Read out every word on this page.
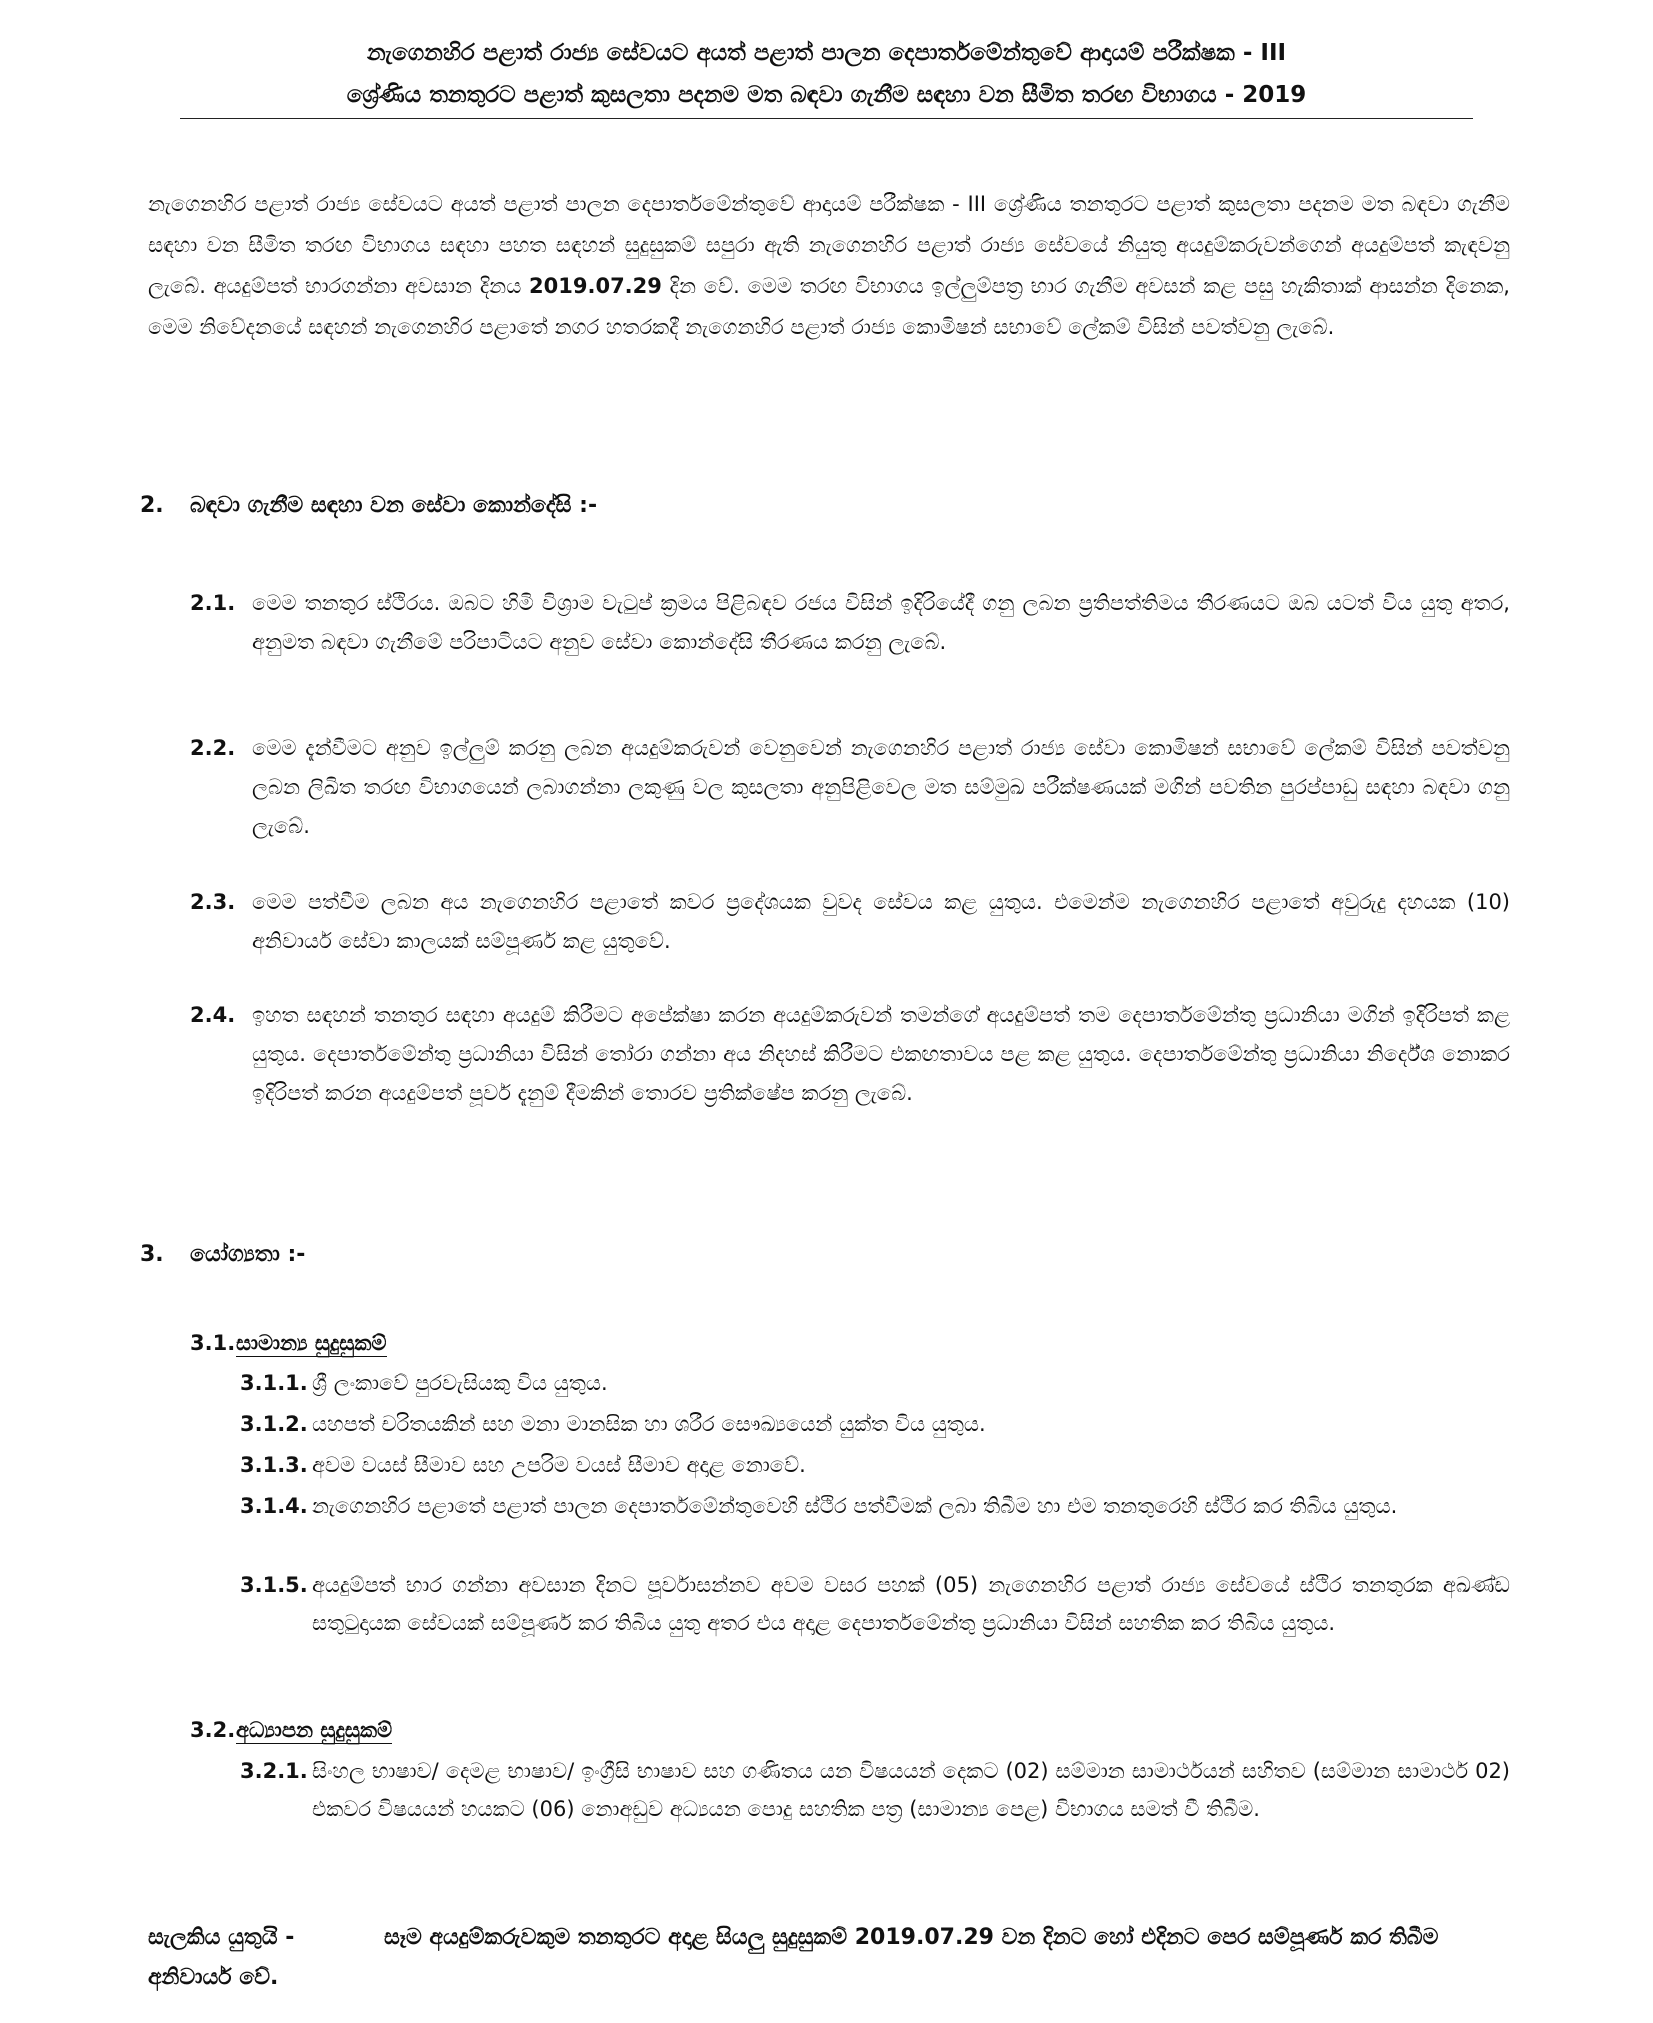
නැගෙනහිර පළාත් රාජ්‍ය සේවයට අයත් පළාත් පාලන දෙපාර්තමේන්තුවේ ආදායම් පරීක්ෂක - III
ශ්‍රේණිය තනතුරට පළාත් කුසලතා පදනම මත බඳවා ගැනීම සඳහා වන සීමිත තරඟ විභාගය - 2019
නැගෙනහිර පළාත් රාජ්‍ය සේවයට අයත් පළාත් පාලන දෙපාර්තමේන්තුවේ ආදායම් පරීක්ෂක - III ශ්‍රේණිය තනතුරට පළාත් කුසලතා පදනම මත බඳවා ගැනීම සඳහා වන සීමිත තරඟ විභාගය සඳහා පහත සඳහන් සුදුසුකම් සපුරා ඇති නැගෙනහිර පළාත් රාජ්‍ය සේවයේ නියුතු අයදුම්කරුවන්ගෙන් අයදුම්පත් කැඳවනු ලැබේ. අයදුම්පත් භාරගන්නා අවසාන දිනය 2019.07.29 දින වේ. මෙම තරඟ විභාගය ඉල්ලුම්පත්‍ර භාර ගැනීම අවසන් කළ පසු හැකිතාක් ආසන්න දිනෙක, මෙම නිවේදනයේ සඳහන් නැගෙනහිර පළාතේ නගර හතරකදී නැගෙනහිර පළාත් රාජ්‍ය කොමිෂන් සභාවේ ලේකම් විසින් පවත්වනු ලැබේ.
2. බඳවා ගැනීම සඳහා වන සේවා කොන්දේසි :-
2.1. මෙම තනතුර ස්ථිරය. ඔබට හිමි විශ්‍රාම වැටුප් ක්‍රමය පිළිබඳව රජය විසින් ඉදිරියේදී ගනු ලබන ප්‍රතිපත්තිමය තීරණයට ඔබ යටත් විය යුතු අතර, අනුමත බඳවා ගැනීමේ පරිපාටියට අනුව සේවා කොන්දේසි තීරණය කරනු ලැබේ.
2.2. මෙම දැන්වීමට අනුව ඉල්ලුම් කරනු ලබන අයදුම්කරුවන් වෙනුවෙන් නැගෙනහිර පළාත් රාජ්‍ය සේවා කොමිෂන් සභාවේ ලේකම් විසින් පවත්වනු ලබන ලිඛිත තරඟ විභාගයෙන් ලබාගන්නා ලකුණු වල කුසලතා අනුපිළිවෙල මත සම්මුඛ පරීක්ෂණයක් මගින් පවතින පුරප්පාඩු සඳහා බඳවා ගනු ලැබේ.
2.3. මෙම පත්වීම ලබන අය නැගෙනහිර පළාතේ කවර ප්‍රදේශයක වුවද සේවය කළ යුතුය. එමෙන්ම නැගෙනහිර පළාතේ අවුරුදු දහයක (10) අනිවාර්ය සේවා කාලයක් සම්පූර්ණ කළ යුතුවේ.
2.4. ඉහත සඳහන් තනතුර සඳහා අයදුම් කිරීමට අපේක්ෂා කරන අයදුම්කරුවන් තමන්ගේ අයදුම්පත් තම දෙපාර්තමේන්තු ප්‍රධානියා මගින් ඉදිරිපත් කළ යුතුය. දෙපාර්තමේන්තු ප්‍රධානියා විසින් තෝරා ගන්නා අය නිදහස් කිරීමට එකඟතාවය පළ කළ යුතුය. දෙපාර්තමේන්තු ප්‍රධානියා නිර්දේශ නොකර ඉදිරිපත් කරන අයදුම්පත් පූර්ව දැනුම් දීමකින් තොරව ප්‍රතික්ෂේප කරනු ලැබේ.
3. යෝග්‍යතා :-
3.1.සාමාන්‍ය සුදුසුකම්
3.1.1. ශ්‍රී ලංකාවේ පුරවැසියකු විය යුතුය.
3.1.2. යහපත් චරිතයකින් සහ මනා මානසික හා ශරීර සෞඛ්‍යයෙන් යුක්ත විය යුතුය.
3.1.3. අවම වයස් සීමාව සහ උපරිම වයස් සීමාව අදාළ නොවේ.
3.1.4. නැගෙනහිර පළාතේ පළාත් පාලන දෙපාර්තමේන්තුවෙහි ස්ථිර පත්වීමක් ලබා තිබීම හා එම තනතුරෙහි ස්ථිර කර තිබිය යුතුය.
3.1.5. අයදුම්පත් භාර ගන්නා අවසාන දිනට පූර්වාසන්නව අවම වසර පහක් (05) නැගෙනහිර පළාත් රාජ්‍ය සේවයේ ස්ථිර තනතුරක අඛණ්ඩ සතුටුදායක සේවයක් සම්පූර්ණ කර තිබිය යුතු අතර එය අදාළ දෙපාර්තමේන්තු ප්‍රධානියා විසින් සහතික කර තිබිය යුතුය.
3.2.අධ්‍යාපන සුදුසුකම්
3.2.1. සිංහල භාෂාව/ දෙමළ භාෂාව/ ඉංග්‍රීසි භාෂාව සහ ගණිතය යන විෂයයන් දෙකට (02) සම්මාන සාමාර්ථයන් සහිතව (සම්මාන සාමාර්ථ 02) එකවර විෂයයන් හයකට (06) නොඅඩුව අධ්‍යයන පොදු සහතික පත්‍ර (සාමාන්‍ය පෙළ) විභාගය සමත් වී තිබීම.
සැලකිය යුතුයි -	සෑම අයදුම්කරුවකුම තනතුරට අදාළ සියලු සුදුසුකම් 2019.07.29 වන දිනට හෝ එදිනට පෙර සම්පූර්ණ කර තිබීම අනිවාර්ය වේ.
